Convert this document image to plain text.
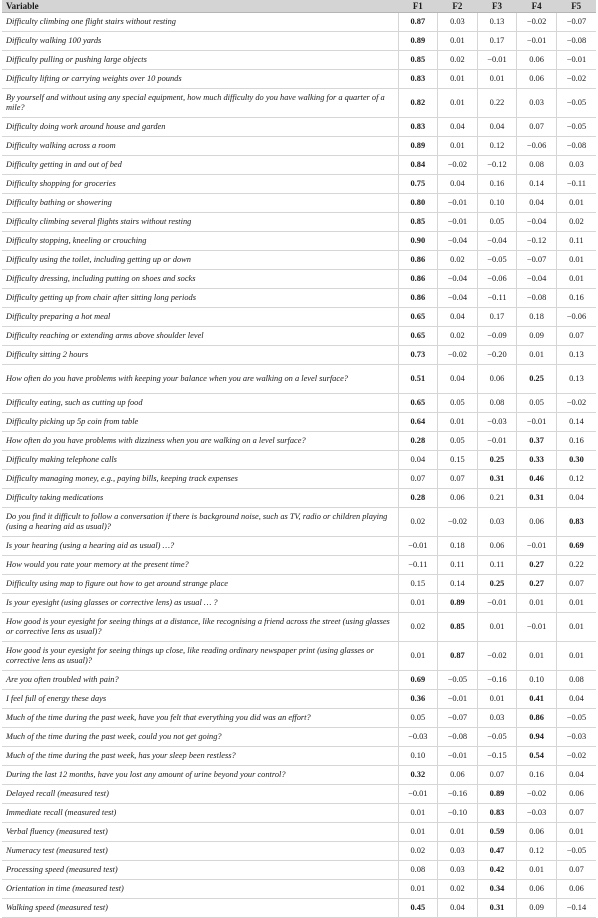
Variable	F1	F2	F3	F4	F5
Difficulty climbing one flight stairs without resting	0.87	0.03	0.13	−0.02	−0.07
Difficulty walking 100 yards	0.89	0.01	0.17	−0.01	−0.08
Difficulty pulling or pushing large objects	0.85	0.02	−0.01	0.06	−0.01
Difficulty lifting or carrying weights over 10 pounds	0.83	0.01	0.01	0.06	−0.02
By yourself and without using any special equipment, how much difficulty do you have walking for a quarter of a mile?	0.82	0.01	0.22	0.03	−0.05
Difficulty doing work around house and garden	0.83	0.04	0.04	0.07	−0.05
Difficulty walking across a room	0.89	0.01	0.12	−0.06	−0.08
Difficulty getting in and out of bed	0.84	−0.02	−0.12	0.08	0.03
Difficulty shopping for groceries	0.75	0.04	0.16	0.14	−0.11
Difficulty bathing or showering	0.80	−0.01	0.10	0.04	0.01
Difficulty climbing several flights stairs without resting	0.85	−0.01	0.05	−0.04	0.02
Difficulty stopping, kneeling or crouching	0.90	−0.04	−0.04	−0.12	0.11
Difficulty using the toilet, including getting up or down	0.86	0.02	−0.05	−0.07	0.01
Difficulty dressing, including putting on shoes and socks	0.86	−0.04	−0.06	−0.04	0.01
Difficulty getting up from chair after sitting long periods	0.86	−0.04	−0.11	−0.08	0.16
Difficulty preparing a hot meal	0.65	0.04	0.17	0.18	−0.06
Difficulty reaching or extending arms above shoulder level	0.65	0.02	−0.09	0.09	0.07
Difficulty sitting 2 hours	0.73	−0.02	−0.20	0.01	0.13
How often do you have problems with keeping your balance when you are walking on a level surface?	0.51	0.04	0.06	0.25	0.13
Difficulty eating, such as cutting up food	0.65	0.05	0.08	0.05	−0.02
Difficulty picking up 5p coin from table	0.64	0.01	−0.03	−0.01	0.14
How often do you have problems with dizziness when you are walking on a level surface?	0.28	0.05	−0.01	0.37	0.16
Difficulty making telephone calls	0.04	0.15	0.25	0.33	0.30
Difficulty managing money, e.g., paying bills, keeping track expenses	0.07	0.07	0.31	0.46	0.12
Difficulty taking medications	0.28	0.06	0.21	0.31	0.04
Do you find it difficult to follow a conversation if there is background noise, such as TV, radio or children playing (using a hearing aid as usual)?	0.02	−0.02	0.03	0.06	0.83
Is your hearing (using a hearing aid as usual) …?	−0.01	0.18	0.06	−0.01	0.69
How would you rate your memory at the present time?	−0.11	0.11	0.11	0.27	0.22
Difficulty using map to figure out how to get around strange place	0.15	0.14	0.25	0.27	0.07
Is your eyesight (using glasses or corrective lens) as usual … ?	0.01	0.89	−0.01	0.01	0.01
How good is your eyesight for seeing things at a distance, like recognising a friend across the street (using glasses or corrective lens as usual)?	0.02	0.85	0.01	−0.01	0.01
How good is your eyesight for seeing things up close, like reading ordinary newspaper print (using glasses or corrective lens as usual)?	0.01	0.87	−0.02	0.01	0.01
Are you often troubled with pain?	0.69	−0.05	−0.16	0.10	0.08
I feel full of energy these days	0.36	−0.01	0.01	0.41	0.04
Much of the time during the past week, have you felt that everything you did was an effort?	0.05	−0.07	0.03	0.86	−0.05
Much of the time during the past week, could you not get going?	−0.03	−0.08	−0.05	0.94	−0.03
Much of the time during the past week, has your sleep been restless?	0.10	−0.01	−0.15	0.54	−0.02
During the last 12 months, have you lost any amount of urine beyond your control?	0.32	0.06	0.07	0.16	0.04
Delayed recall (measured test)	−0.01	−0.16	0.89	−0.02	0.06
Immediate recall (measured test)	0.01	−0.10	0.83	−0.03	0.07
Verbal fluency (measured test)	0.01	0.01	0.59	0.06	0.01
Numeracy test (measured test)	0.02	0.03	0.47	0.12	−0.05
Processing speed (measured test)	0.08	0.03	0.42	0.01	0.07
Orientation in time (measured test)	0.01	0.02	0.34	0.06	0.06
Walking speed (measured test)	0.45	0.04	0.31	0.09	−0.14
